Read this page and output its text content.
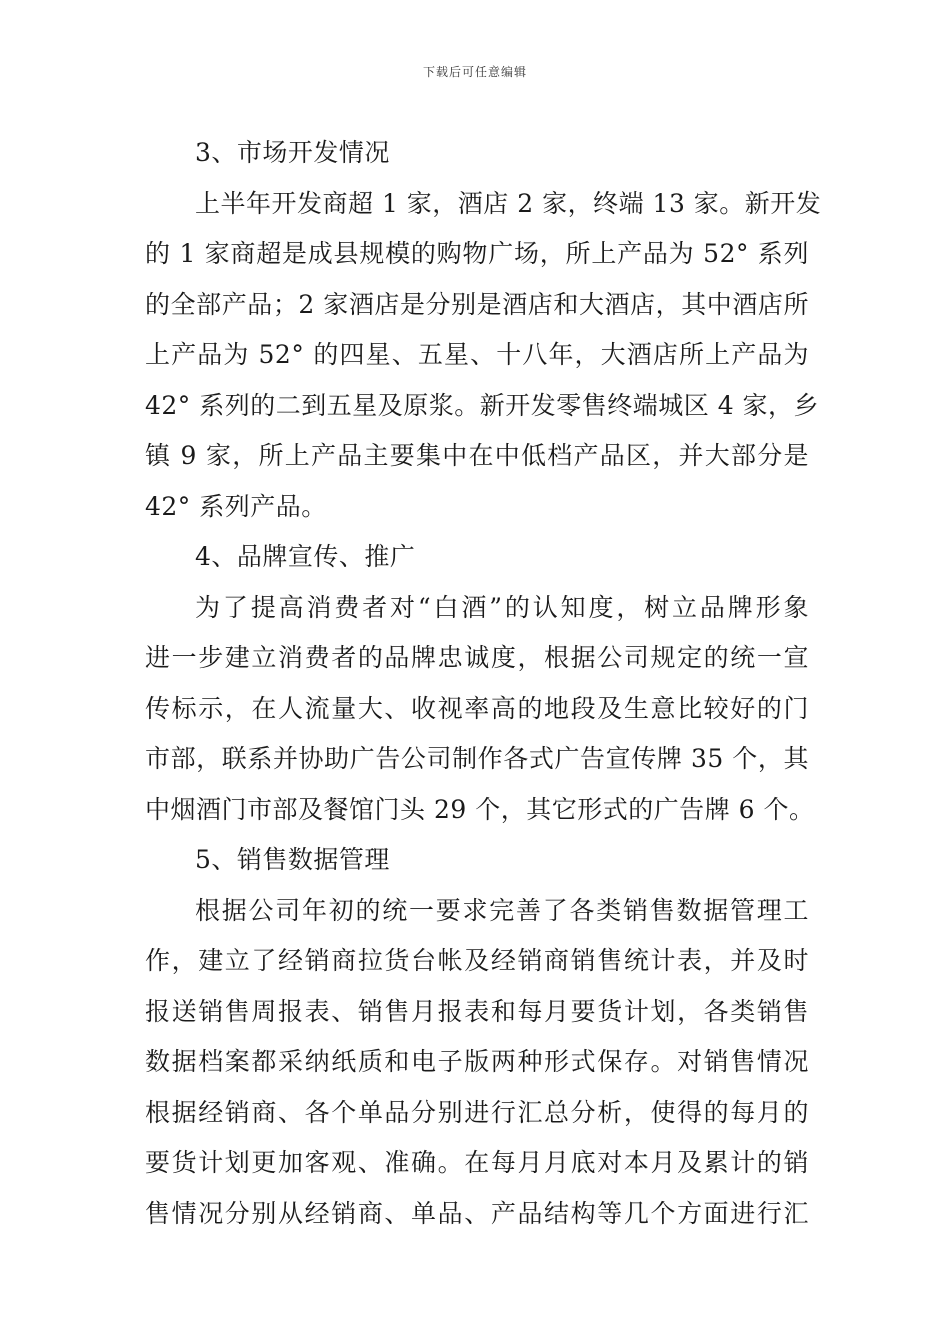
下载后可任意编辑
3、市场开发情况
上半年开发商超 1 家，酒店 2 家，终端 13 家。新开发
的 1 家商超是成县规模的购物广场，所上产品为 52° 系列
的全部产品；2 家酒店是分别是酒店和大酒店，其中酒店所
上产品为 52° 的四星、五星、十八年，大酒店所上产品为
42° 系列的二到五星及原浆。新开发零售终端城区 4 家，乡
镇 9 家，所上产品主要集中在中低档产品区，并大部分是
42° 系列产品。
4、品牌宣传、推广
为了提高消费者对“白酒”的认知度，树立品牌形象
进一步建立消费者的品牌忠诚度，根据公司规定的统一宣
传标示，在人流量大、收视率高的地段及生意比较好的门
市部，联系并协助广告公司制作各式广告宣传牌 35 个，其
中烟酒门市部及餐馆门头 29 个，其它形式的广告牌 6 个。
5、销售数据管理
根据公司年初的统一要求完善了各类销售数据管理工
作，建立了经销商拉货台帐及经销商销售统计表，并及时
报送销售周报表、销售月报表和每月要货计划，各类销售
数据档案都采纳纸质和电子版两种形式保存。对销售情况
根据经销商、各个单品分别进行汇总分析，使得的每月的
要货计划更加客观、准确。在每月月底对本月及累计的销
售情况分别从经销商、单品、产品结构等几个方面进行汇
